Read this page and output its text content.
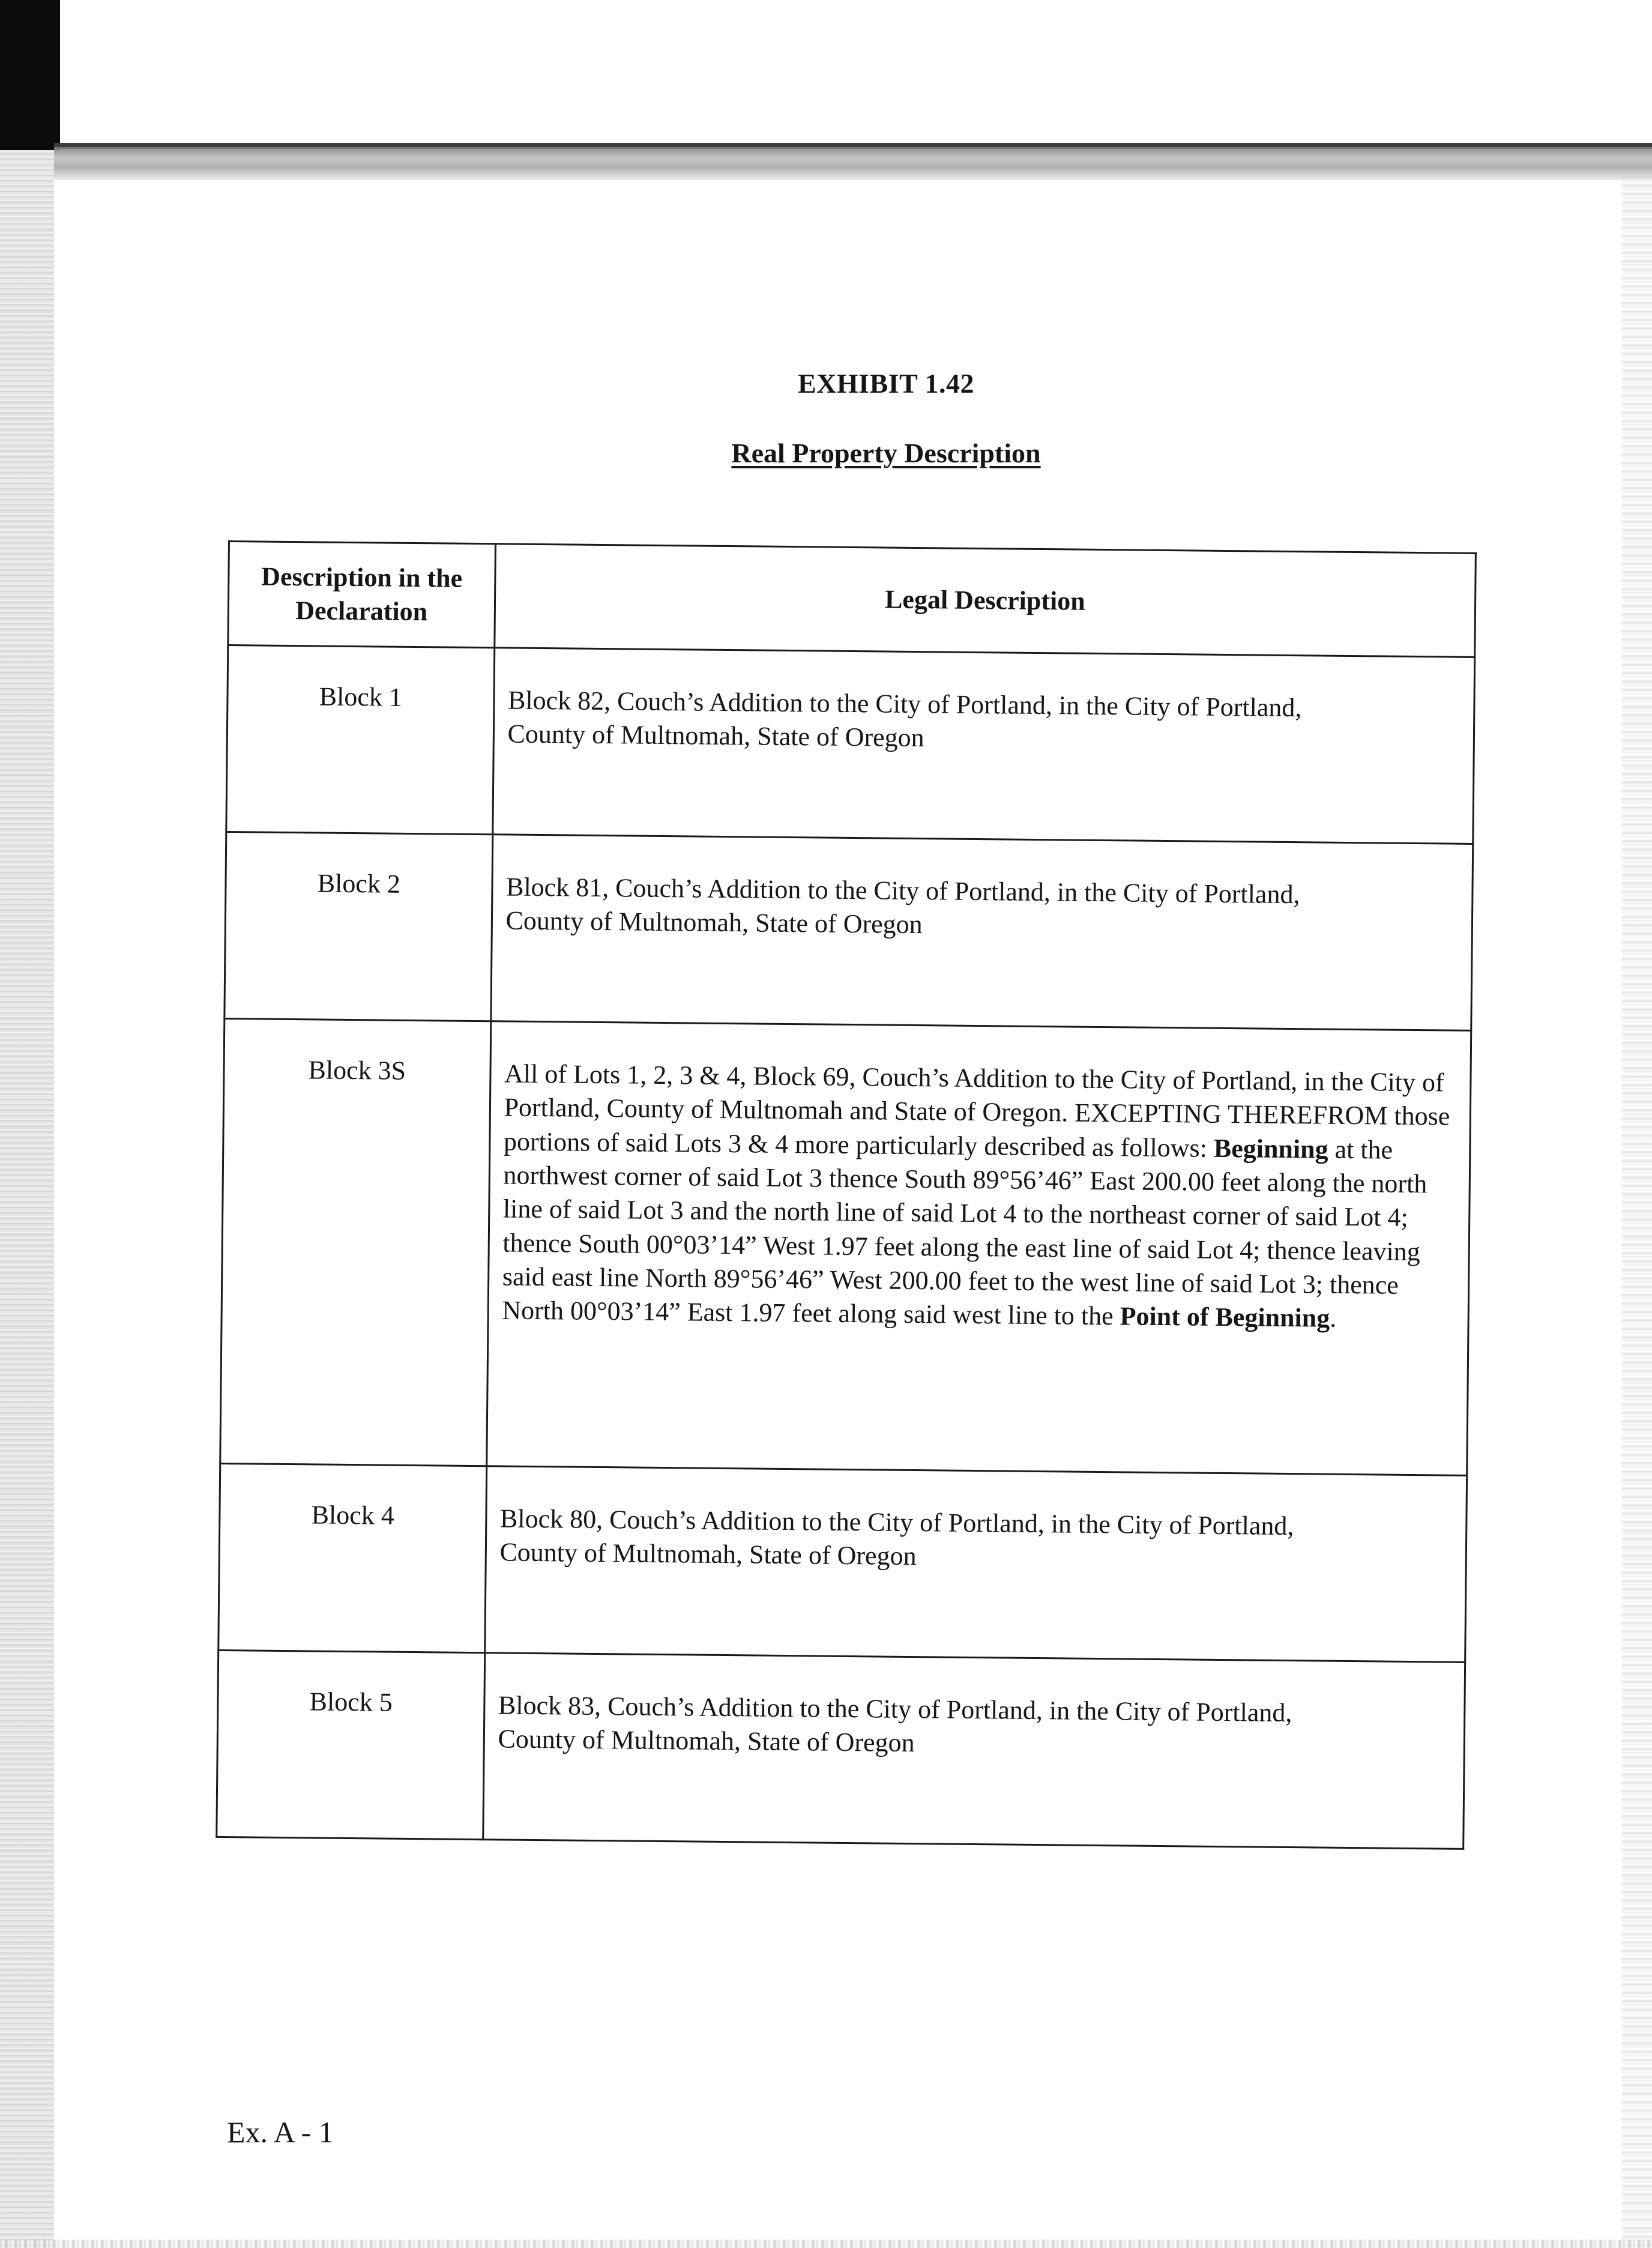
EXHIBIT 1.42
Real Property Description
Description in the
Declaration	Legal Description
Block 1	Block 82, Couch’s Addition to the City of Portland, in the City of Portland,
County of Multnomah, State of Oregon
Block 2	Block 81, Couch’s Addition to the City of Portland, in the City of Portland,
County of Multnomah, State of Oregon
Block 3S	All of Lots 1, 2, 3 & 4, Block 69, Couch’s Addition to the City of Portland, in the City of Portland, County of Multnomah and State of Oregon. EXCEPTING THEREFROM those portions of said Lots 3 & 4 more particularly described as follows: Beginning at the northwest corner of said Lot 3 thence South 89°56’46” East 200.00 feet along the north line of said Lot 3 and the north line of said Lot 4 to the northeast corner of said Lot 4; thence South 00°03’14” West 1.97 feet along the east line of said Lot 4; thence leaving said east line North 89°56’46” West 200.00 feet to the west line of said Lot 3; thence North 00°03’14” East 1.97 feet along said west line to the Point of Beginning.
Block 4	Block 80, Couch’s Addition to the City of Portland, in the City of Portland,
County of Multnomah, State of Oregon
Block 5	Block 83, Couch’s Addition to the City of Portland, in the City of Portland,
County of Multnomah, State of Oregon
Ex. A - 1
